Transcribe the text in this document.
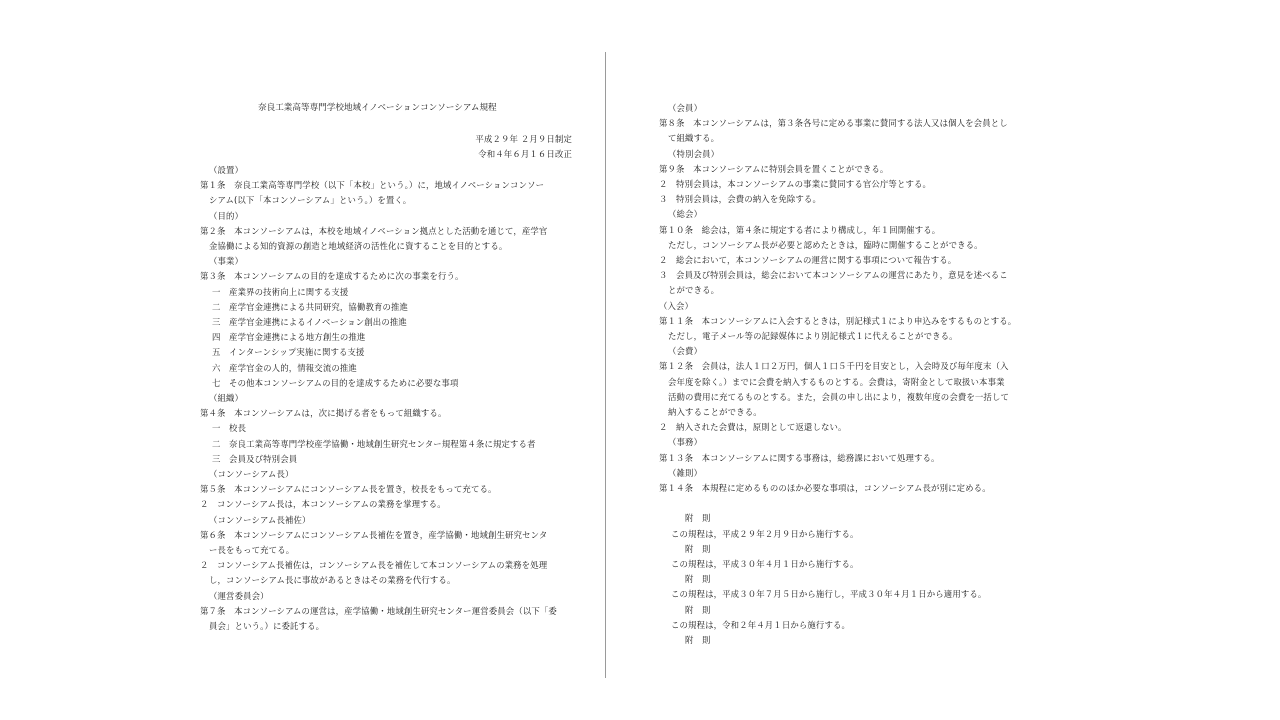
奈良工業高等専門学校地域イノベーションコンソーシアム規程
平成２９年 ２月９日制定
令和４年６月１６日改正
（設置）
第１条　奈良工業高等専門学校（以下「本校」という。）に，地域イノベーションコンソー
シアム(以下「本コンソーシアム」という。）を置く。
（目的）
第２条　本コンソーシアムは，本校を地域イノベーション拠点とした活動を通じて，産学官
金協働による知的資源の創造と地域経済の活性化に資することを目的とする。
（事業）
第３条　本コンソーシアムの目的を達成するために次の事業を行う。
一　産業界の技術向上に関する支援
二　産学官金連携による共同研究，協働教育の推進
三　産学官金連携によるイノベーション創出の推進
四　産学官金連携による地方創生の推進
五　インターンシップ実施に関する支援
六　産学官金の人的，情報交流の推進
七　その他本コンソーシアムの目的を達成するために必要な事項
（組織）
第４条　本コンソーシアムは，次に掲げる者をもって組織する。
一　校長
二　奈良工業高等専門学校産学協働・地域創生研究センター規程第４条に規定する者
三　会員及び特別会員
（コンソーシアム長）
第５条　本コンソーシアムにコンソーシアム長を置き，校長をもって充てる。
２　コンソーシアム長は，本コンソーシアムの業務を掌理する。
（コンソーシアム長補佐）
第６条　本コンソーシアムにコンソーシアム長補佐を置き，産学協働・地域創生研究センタ
ー長をもって充てる。
２　コンソーシアム長補佐は，コンソーシアム長を補佐して本コンソーシアムの業務を処理
し，コンソーシアム長に事故があるときはその業務を代行する。
（運営委員会）
第７条　本コンソーシアムの運営は，産学協働・地域創生研究センター運営委員会（以下「委
員会」という。）に委託する。
（会員）
第８条　本コンソーシアムは，第３条各号に定める事業に賛同する法人又は個人を会員とし
て組織する。
（特別会員）
第９条　本コンソーシアムに特別会員を置くことができる。
２　特別会員は，本コンソーシアムの事業に賛同する官公庁等とする。
３　特別会員は，会費の納入を免除する。
（総会）
第１０条　総会は，第４条に規定する者により構成し，年１回開催する。
ただし，コンソーシアム長が必要と認めたときは，臨時に開催することができる。
２　総会において，本コンソーシアムの運営に関する事項について報告する。
３　会員及び特別会員は，総会において本コンソーシアムの運営にあたり，意見を述べるこ
とができる。
（入会）
第１１条　本コンソーシアムに入会するときは，別記様式１により申込みをするものとする。
ただし，電子メール等の記録媒体により別記様式１に代えることができる。
（会費）
第１２条　会員は，法人１口２万円，個人１口５千円を目安とし，入会時及び毎年度末（入
会年度を除く。）までに会費を納入するものとする。会費は，寄附金として取扱い本事業
活動の費用に充てるものとする。また，会員の申し出により，複数年度の会費を一括して
納入することができる。
２　納入された会費は，原則として返還しない。
（事務）
第１３条　本コンソーシアムに関する事務は，総務課において処理する。
（雑則）
第１４条　本規程に定めるもののほか必要な事項は，コンソーシアム長が別に定める。
附　則
この規程は，平成２９年２月９日から施行する。
附　則
この規程は，平成３０年４月１日から施行する。
附　則
この規程は，平成３０年７月５日から施行し，平成３０年４月１日から適用する。
附　則
この規程は，令和２年４月１日から施行する。
附　則
